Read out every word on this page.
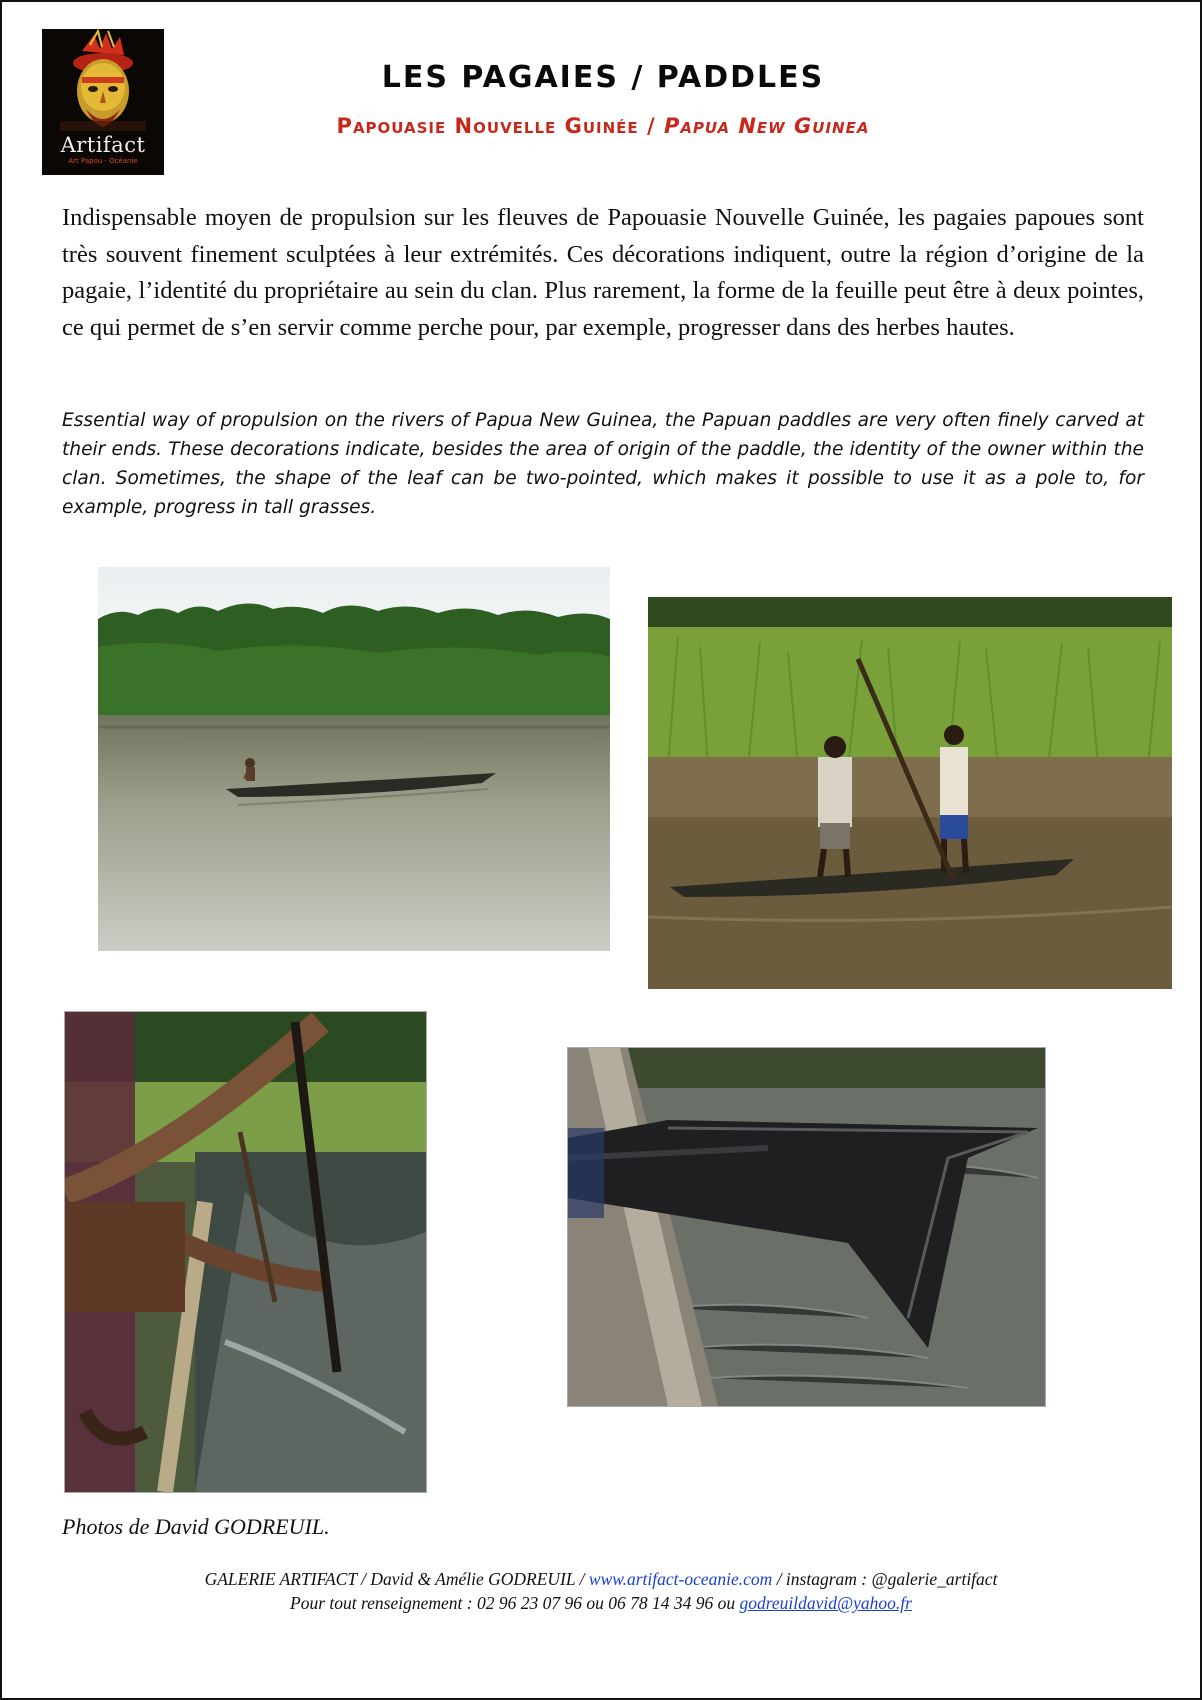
Artifact
Art Papou · Océanie
LES PAGAIES / PADDLES
Papouasie Nouvelle Guinée / Papua New Guinea

Indispensable moyen de propulsion sur les fleuves de Papouasie Nouvelle Guinée, les pagaies papoues sont très souvent finement sculptées à leur extrémités. Ces décorations indiquent, outre la région d’origine de la pagaie, l’identité du propriétaire au sein du clan. Plus rarement, la forme de la feuille peut être à deux pointes, ce qui permet de s’en servir comme perche pour, par exemple, progresser dans des herbes hautes.

Essential way of propulsion on the rivers of Papua New Guinea, the Papuan paddles are very often finely carved at their ends. These decorations indicate, besides the area of origin of the paddle, the identity of the owner within the clan. Sometimes, the shape of the leaf can be two-pointed, which makes it possible to use it as a pole to, for example, progress in tall grasses.

Photos de David GODREUIL.
GALERIE ARTIFACT / David & Amélie GODREUIL / www.artifact-oceanie.com / instagram : @galerie_artifact
Pour tout renseignement : 02 96 23 07 96 ou 06 78 14 34 96 ou godreuildavid@yahoo.fr
